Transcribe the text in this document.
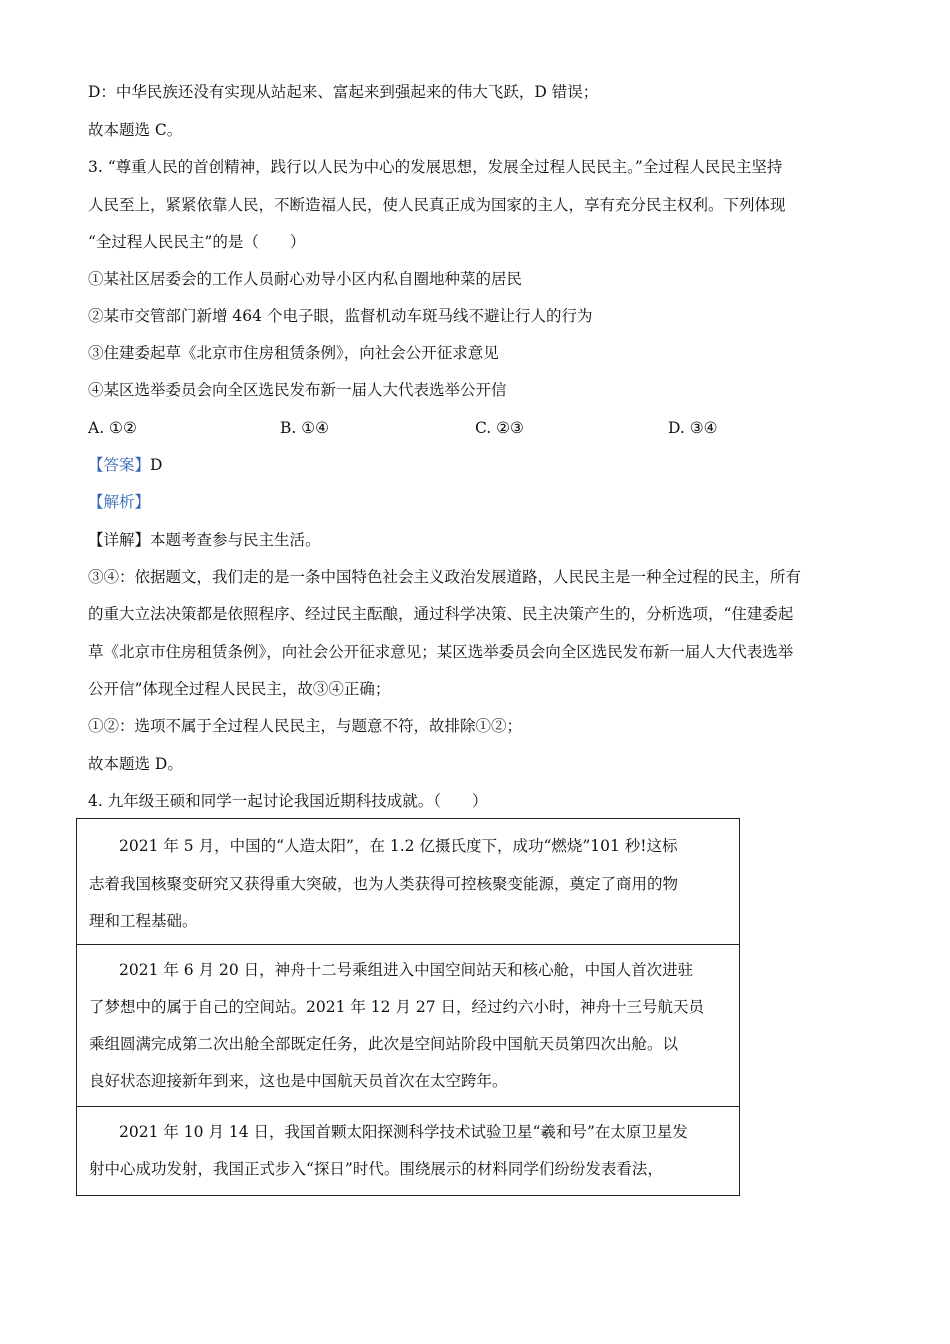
D：中华民族还没有实现从站起来、富起来到强起来的伟大飞跃，D 错误；
故本题选 C。
3. “尊重人民的首创精神，践行以人民为中心的发展思想，发展全过程人民民主。”全过程人民民主坚持
人民至上，紧紧依靠人民，不断造福人民，使人民真正成为国家的主人，享有充分民主权利。下列体现
“全过程人民民主”的是（　　）
①某社区居委会的工作人员耐心劝导小区内私自圈地种菜的居民
②某市交管部门新增 464 个电子眼，监督机动车斑马线不避让行人的行为
③住建委起草《北京市住房租赁条例》，向社会公开征求意见
④某区选举委员会向全区选民发布新一届人大代表选举公开信
A. ①②	B. ①④	C. ②③	D. ③④
【答案】D
【解析】
【详解】本题考查参与民主生活。
③④：依据题文，我们走的是一条中国特色社会主义政治发展道路，人民民主是一种全过程的民主，所有
的重大立法决策都是依照程序、经过民主酝酿，通过科学决策、民主决策产生的，分析选项，“住建委起
草《北京市住房租赁条例》，向社会公开征求意见；某区选举委员会向全区选民发布新一届人大代表选举
公开信”体现全过程人民民主，故③④正确；
①②：选项不属于全过程人民民主，与题意不符，故排除①②；
故本题选 D。
4. 九年级王硕和同学一起讨论我国近期科技成就。（　　）
2021 年 5 月，中国的“人造太阳”，在 1.2 亿摄氏度下，成功“燃烧”101 秒!这标
志着我国核聚变研究又获得重大突破，也为人类获得可控核聚变能源，奠定了商用的物
理和工程基础。
2021 年 6 月 20 日，神舟十二号乘组进入中国空间站天和核心舱，中国人首次进驻
了梦想中的属于自己的空间站。2021 年 12 月 27 日，经过约六小时，神舟十三号航天员
乘组圆满完成第二次出舱全部既定任务，此次是空间站阶段中国航天员第四次出舱。以
良好状态迎接新年到来，这也是中国航天员首次在太空跨年。
2021 年 10 月 14 日，我国首颗太阳探测科学技术试验卫星“羲和号”在太原卫星发
射中心成功发射，我国正式步入“探日”时代。围绕展示的材料同学们纷纷发表看法，
